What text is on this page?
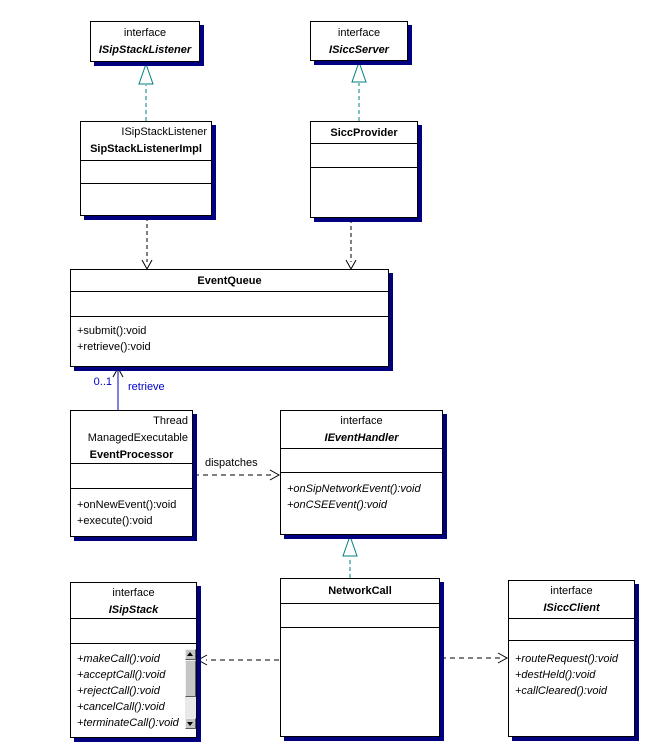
0..1 retrieve
dispatches
interface
ISipStackListener
interface
ISiccServer
ISipStackListener
SipStackListenerImpl
SiccProvider
EventQueue
+submit():void
+retrieve():void
Thread
ManagedExecutable
EventProcessor
+onNewEvent():void
+execute():void
interface
IEventHandler
+onSipNetworkEvent():void
+onCSEEvent():void
interface
ISipStack
+makeCall():void
+acceptCall():void
+rejectCall():void
+cancelCall():void
+terminateCall():void
NetworkCall	interface
ISiccClient
+routeRequest():void
+destHeld():void
+callCleared():void
